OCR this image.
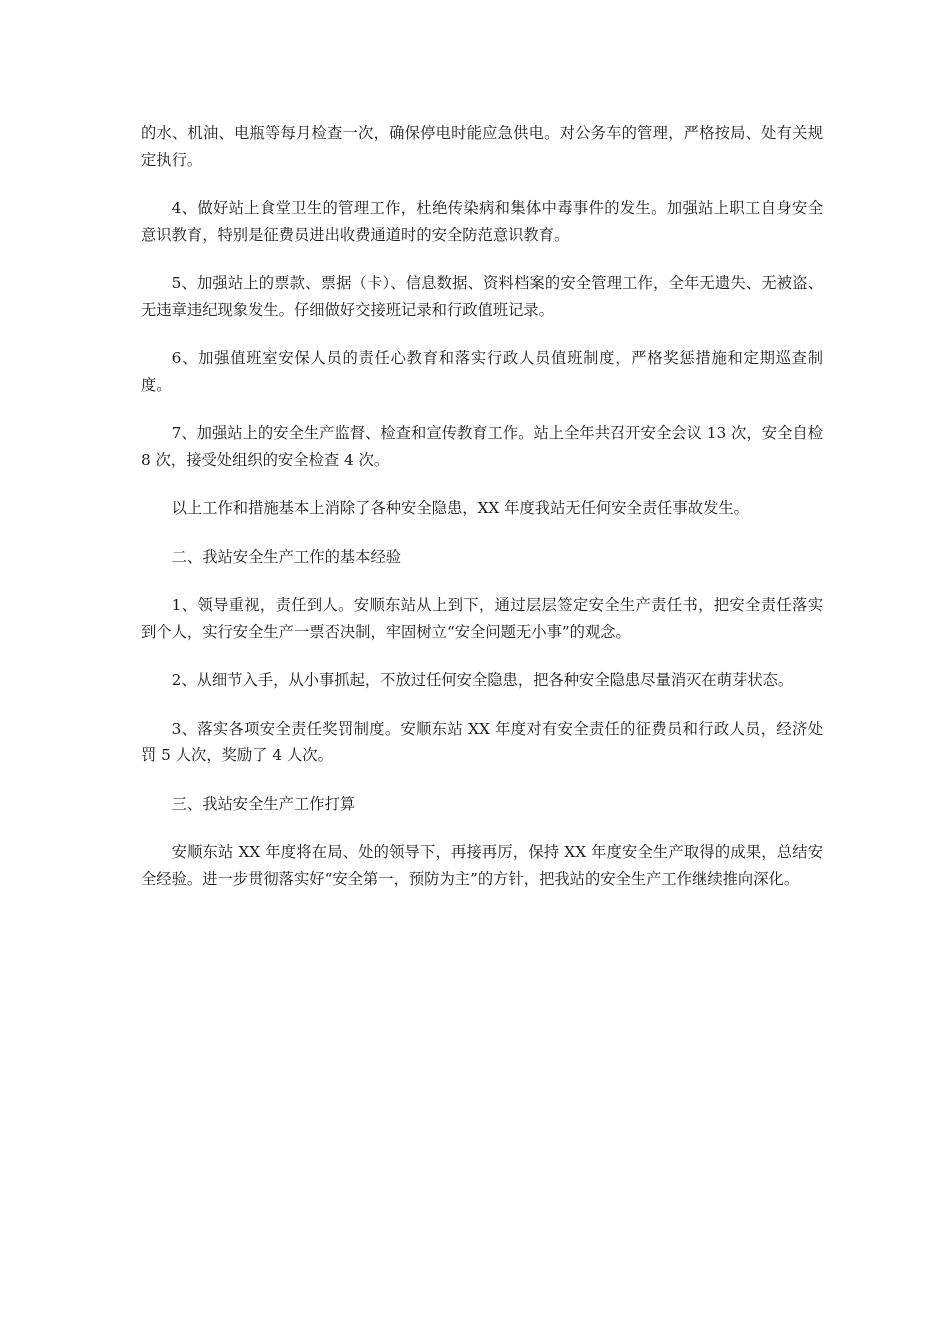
的水、机油、电瓶等每月检查一次，确保停电时能应急供电。对公务车的管理，严格按局、处有关规定执行。

4、做好站上食堂卫生的管理工作，杜绝传染病和集体中毒事件的发生。加强站上职工自身安全意识教育，特别是征费员进出收费通道时的安全防范意识教育。

5、加强站上的票款、票据（卡）、信息数据、资料档案的安全管理工作，全年无遗失、无被盗、无违章违纪现象发生。仔细做好交接班记录和行政值班记录。

6、加强值班室安保人员的责任心教育和落实行政人员值班制度，严格奖惩措施和定期巡查制度。

7、加强站上的安全生产监督、检查和宣传教育工作。站上全年共召开安全会议 13 次，安全自检 8 次，接受处组织的安全检查 4 次。

以上工作和措施基本上消除了各种安全隐患，XX 年度我站无任何安全责任事故发生。

二、我站安全生产工作的基本经验

1、领导重视，责任到人。安顺东站从上到下，通过层层签定安全生产责任书，把安全责任落实到个人，实行安全生产一票否决制，牢固树立“安全问题无小事”的观念。

2、从细节入手，从小事抓起，不放过任何安全隐患，把各种安全隐患尽量消灭在萌芽状态。

3、落实各项安全责任奖罚制度。安顺东站 XX 年度对有安全责任的征费员和行政人员，经济处罚 5 人次，奖励了 4 人次。

三、我站安全生产工作打算

安顺东站 XX 年度将在局、处的领导下，再接再厉，保持 XX 年度安全生产取得的成果，总结安全经验。进一步贯彻落实好“安全第一，预防为主”的方针，把我站的安全生产工作继续推向深化。
